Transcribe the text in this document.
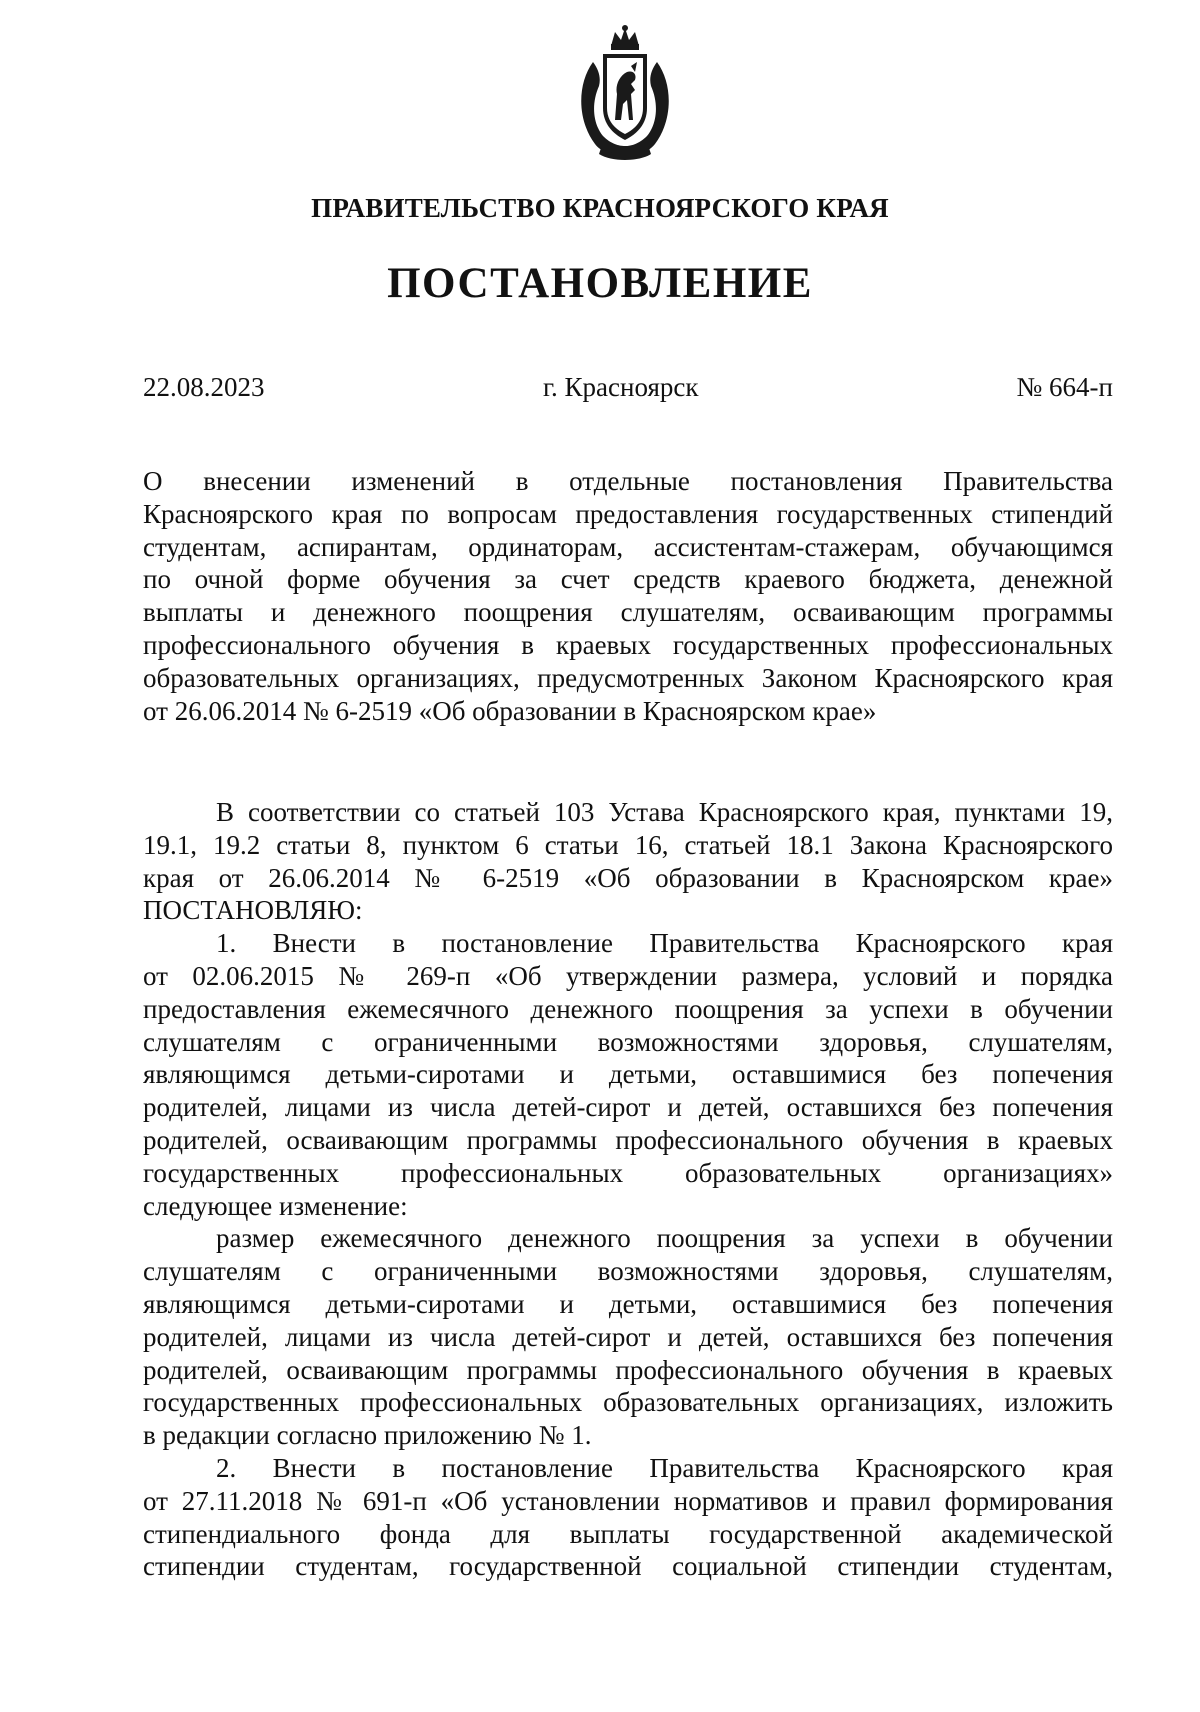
ПРАВИТЕЛЬСТВО КРАСНОЯРСКОГО КРАЯ
ПОСТАНОВЛЕНИЕ
22.08.2023	г. Красноярск	№ 664-п
О внесении изменений в отдельные постановления Правительства
Красноярского края по вопросам предоставления государственных стипендий
студентам, аспирантам, ординаторам, ассистентам-стажерам, обучающимся
по очной форме обучения за счет средств краевого бюджета, денежной
выплаты и денежного поощрения слушателям, осваивающим программы
профессионального обучения в краевых государственных профессиональных
образовательных организациях, предусмотренных Законом Красноярского края
от 26.06.2014 № 6-2519 «Об образовании в Красноярском крае»
В соответствии со статьей 103 Устава Красноярского края, пунктами 19,
19.1, 19.2 статьи 8, пунктом 6 статьи 16, статьей 18.1 Закона Красноярского
края от 26.06.2014 № 6-2519 «Об образовании в Красноярском крае»
ПОСТАНОВЛЯЮ:
1. Внести в постановление Правительства Красноярского края
от 02.06.2015 № 269-п «Об утверждении размера, условий и порядка
предоставления ежемесячного денежного поощрения за успехи в обучении
слушателям с ограниченными возможностями здоровья, слушателям,
являющимся детьми-сиротами и детьми, оставшимися без попечения
родителей, лицами из числа детей-сирот и детей, оставшихся без попечения
родителей, осваивающим программы профессионального обучения в краевых
государственных профессиональных образовательных организациях»
следующее изменение:
размер ежемесячного денежного поощрения за успехи в обучении
слушателям с ограниченными возможностями здоровья, слушателям,
являющимся детьми-сиротами и детьми, оставшимися без попечения
родителей, лицами из числа детей-сирот и детей, оставшихся без попечения
родителей, осваивающим программы профессионального обучения в краевых
государственных профессиональных образовательных организациях, изложить
в редакции согласно приложению № 1.
2. Внести в постановление Правительства Красноярского края
от 27.11.2018 № 691-п «Об установлении нормативов и правил формирования
стипендиального фонда для выплаты государственной академической
стипендии студентам, государственной социальной стипендии студентам,
